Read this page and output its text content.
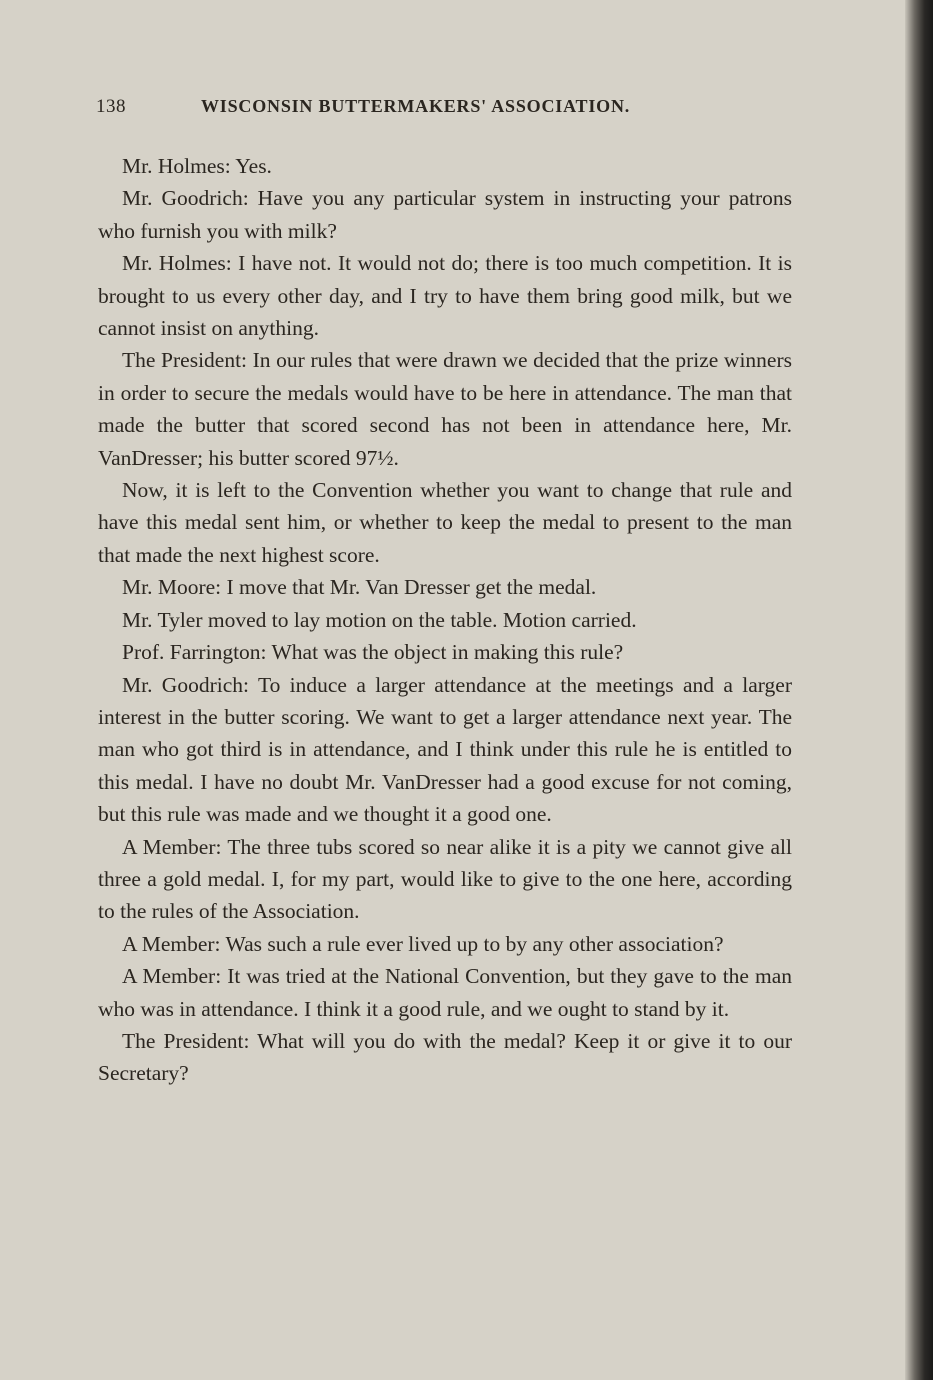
138	WISCONSIN BUTTERMAKERS' ASSOCIATION.

Mr. Holmes: Yes.

Mr. Goodrich: Have you any particular system in instructing your patrons who furnish you with milk?

Mr. Holmes: I have not. It would not do; there is too much competition. It is brought to us every other day, and I try to have them bring good milk, but we cannot insist on anything.

The President: In our rules that were drawn we decided that the prize winners in order to secure the medals would have to be here in attendance. The man that made the butter that scored second has not been in attendance here, Mr. VanDresser; his butter scored 97½.

Now, it is left to the Convention whether you want to change that rule and have this medal sent him, or whether to keep the medal to present to the man that made the next highest score.

Mr. Moore: I move that Mr. Van Dresser get the medal.

Mr. Tyler moved to lay motion on the table. Motion carried.

Prof. Farrington: What was the object in making this rule?

Mr. Goodrich: To induce a larger attendance at the meetings and a larger interest in the butter scoring. We want to get a larger attendance next year. The man who got third is in attendance, and I think under this rule he is entitled to this medal. I have no doubt Mr. VanDresser had a good excuse for not coming, but this rule was made and we thought it a good one.

A Member: The three tubs scored so near alike it is a pity we cannot give all three a gold medal. I, for my part, would like to give to the one here, according to the rules of the Association.

A Member: Was such a rule ever lived up to by any other association?

A Member: It was tried at the National Convention, but they gave to the man who was in attendance. I think it a good rule, and we ought to stand by it.

The President: What will you do with the medal? Keep it or give it to our Secretary?
